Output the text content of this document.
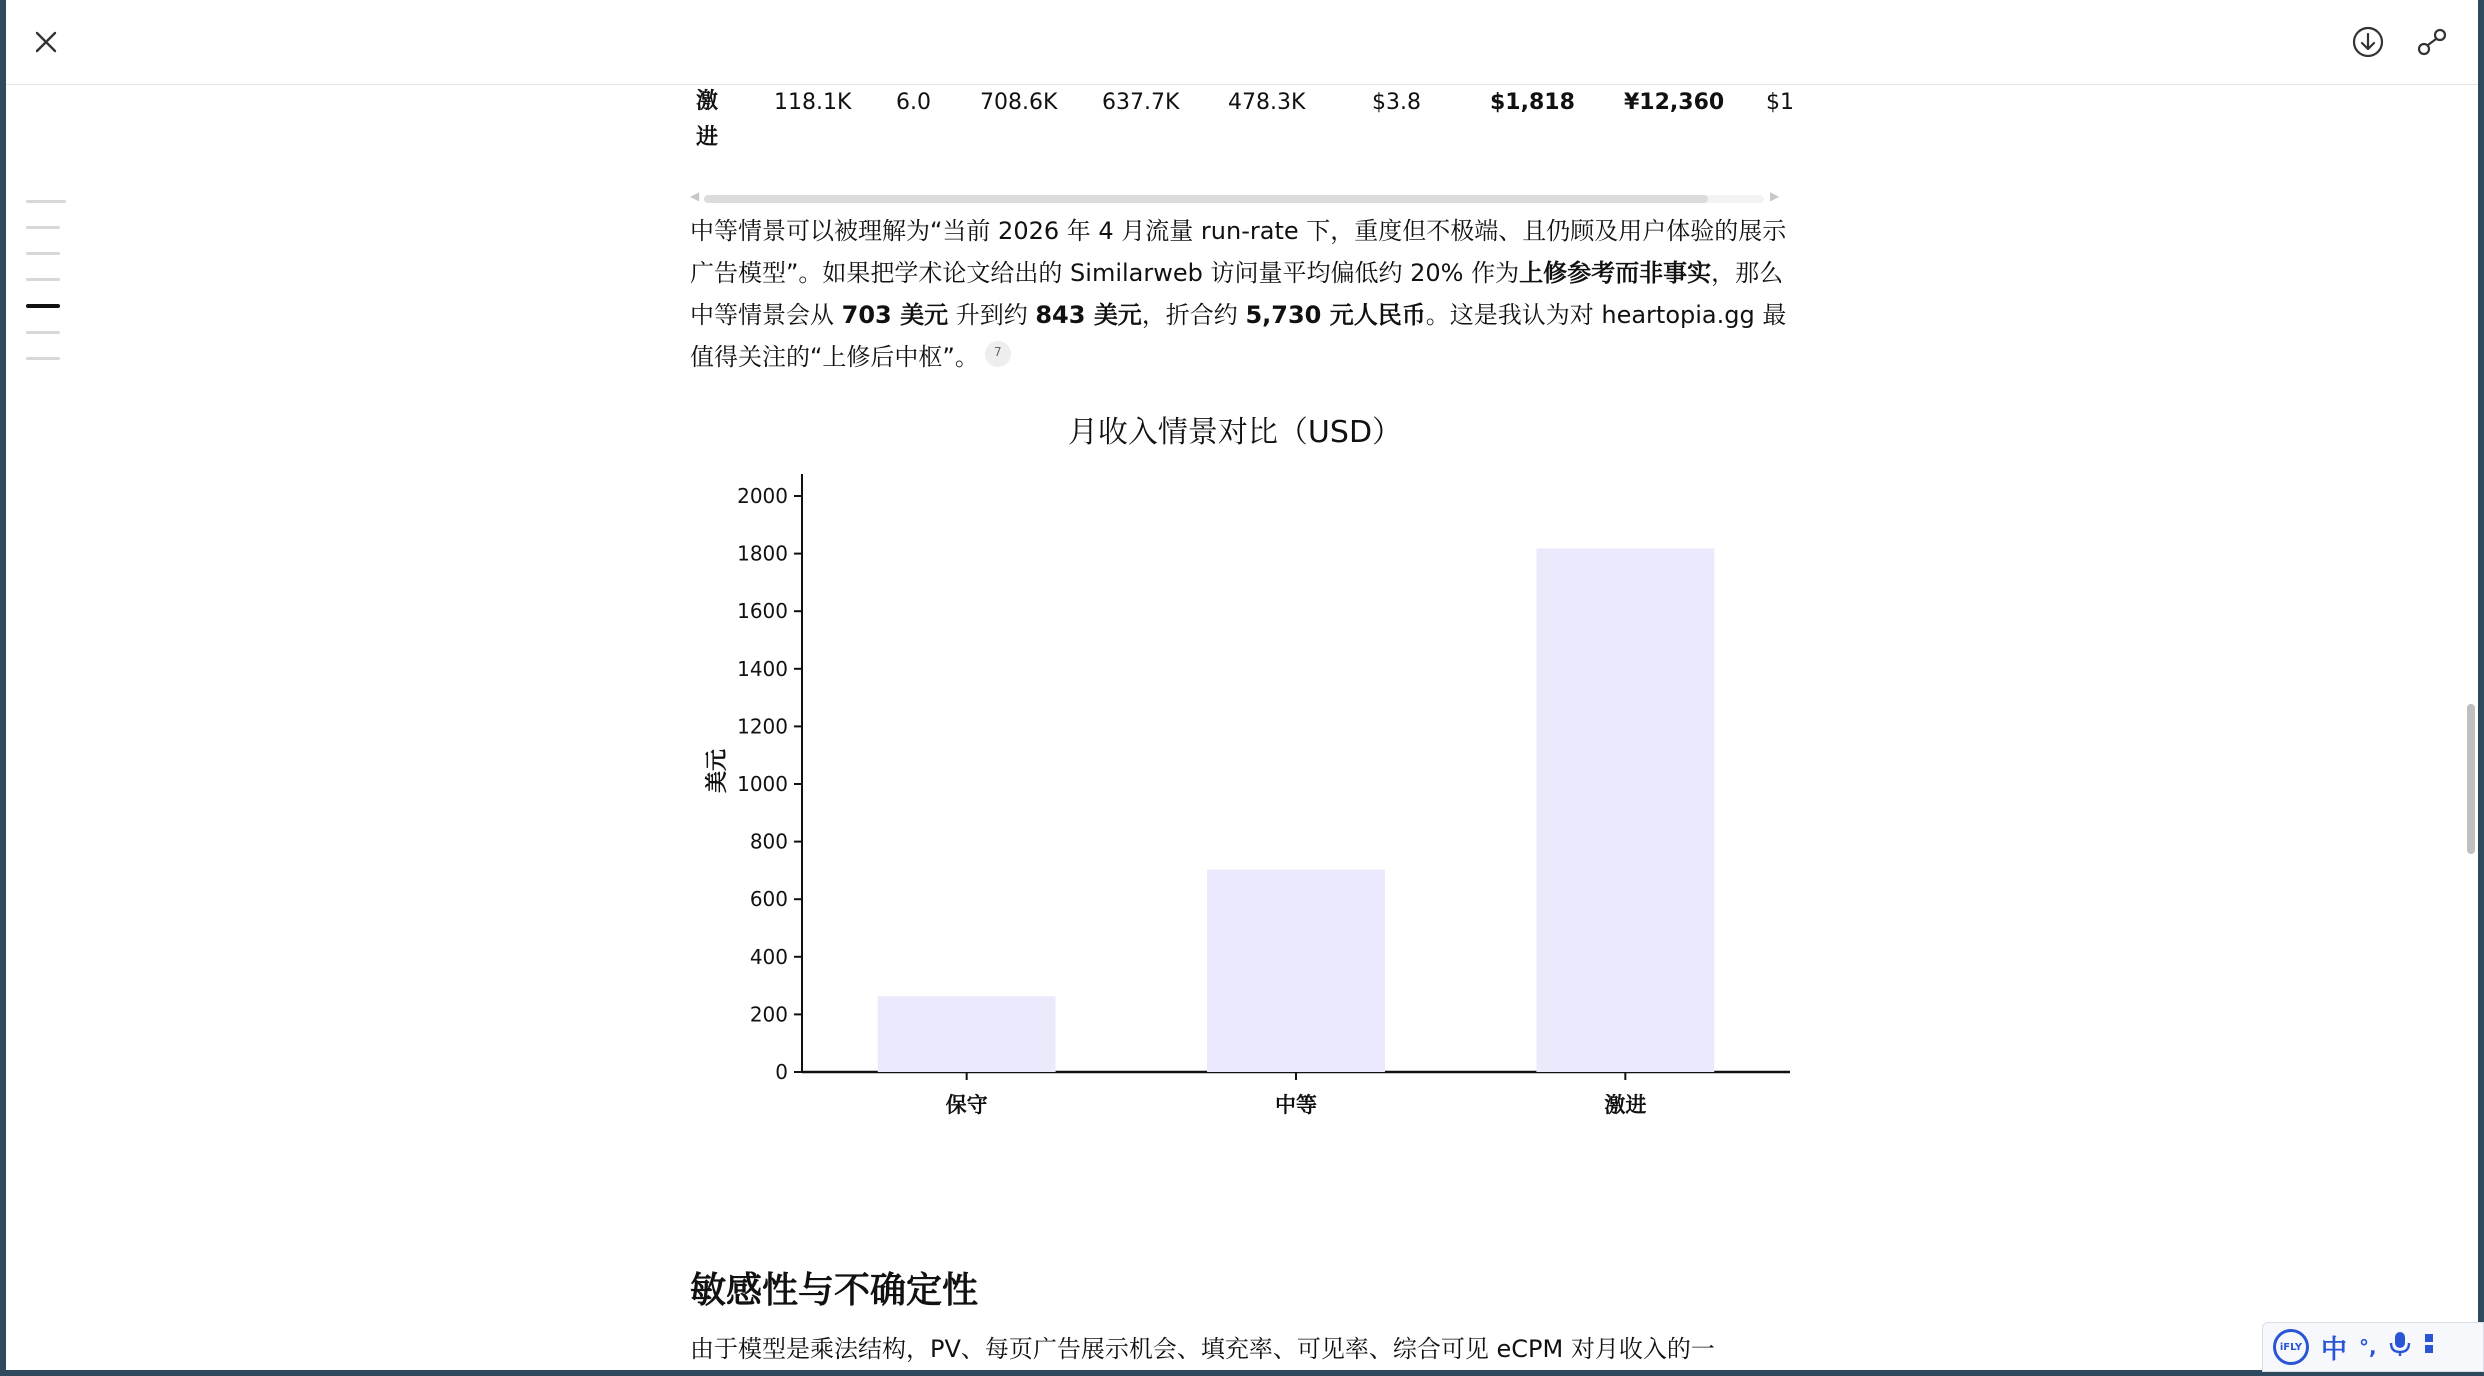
激
进
118.1K 6.0 708.6K 637.7K 478.3K	$3.8	$1,818 ¥12,360 $1
◀	▶
中等情景可以被理解为“当前 2026 年 4 月流量 run-rate 下，重度但不极端、且仍顾及用户体验的展示广告模型”。如果把学术论文给出的 Similarweb 访问量平均偏低约 20% 作为上修参考而非事实，那么中等情景会从 703 美元 升到约 843 美元，折合约 5,730 元人民币。这是我认为对 heartopia.gg 最值得关注的“上修后中枢”。 7
月收入情景对比（USD）
美元
0
200
400
600
800
1000
1200
1400
1600
1800
2000
保守	中等	激进
敏感性与不确定性
由于模型是乘法结构，PV、每页广告展示机会、填充率、可见率、综合可见 eCPM 对月收入的一	iFLY 中 °,
